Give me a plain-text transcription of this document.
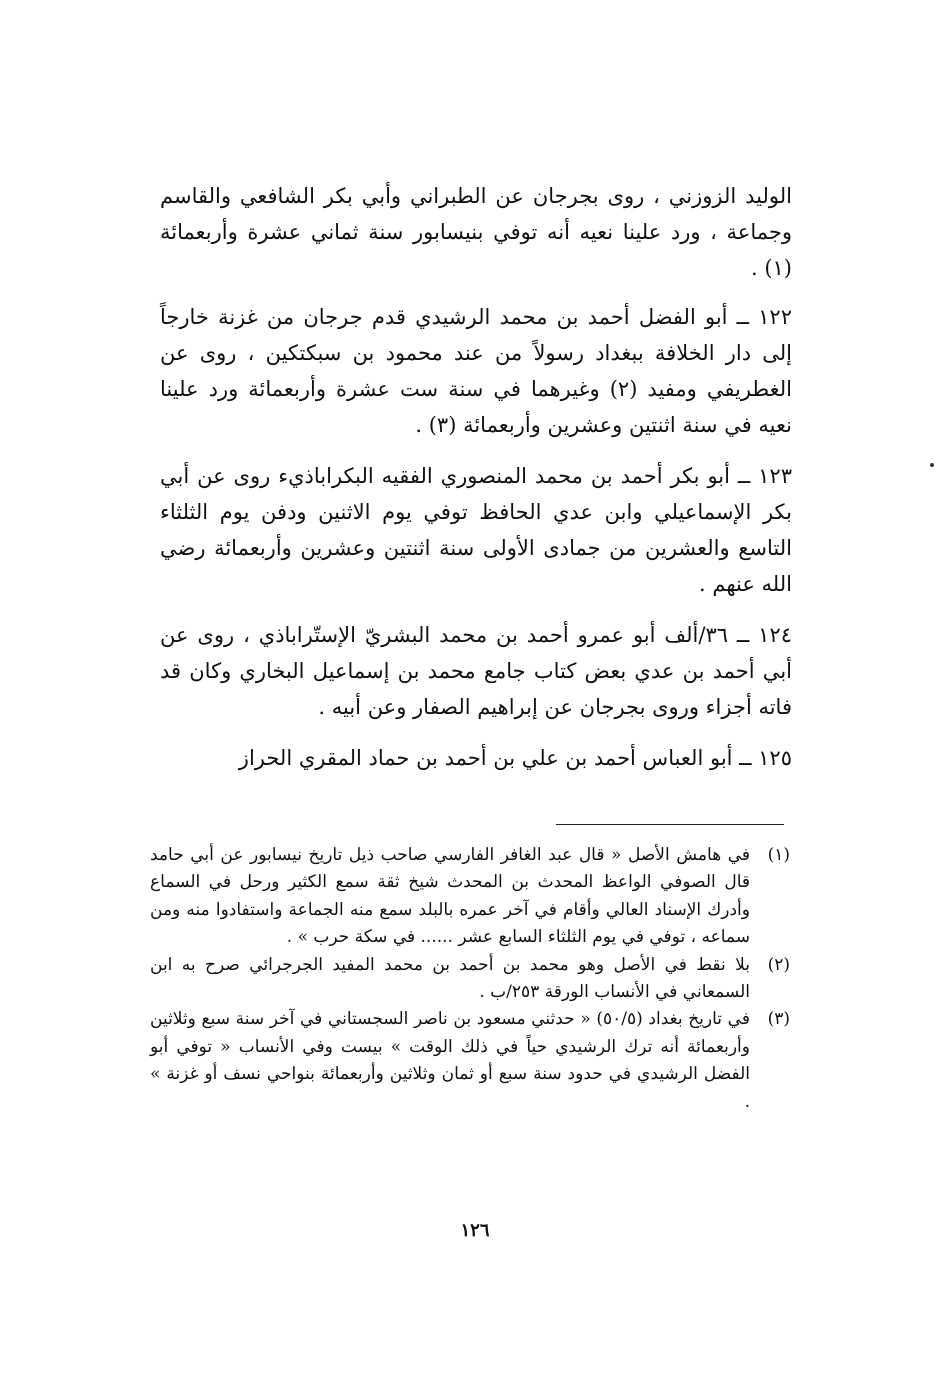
الوليد الزوزني ، روى بجرجان عن الطبراني وأبي بكر الشافعي والقاسم وجماعة ، ورد علينا نعيه أنه توفي بنيسابور سنة ثماني عشرة وأربعمائة (١) .

١٢٢ ــ أبو الفضل أحمد بن محمد الرشيدي قدم جرجان من غزنة خارجاً إلى دار الخلافة ببغداد رسولاً من عند محمود بن سبكتكين ، روى عن الغطريفي ومفيد (٢) وغيرهما في سنة ست عشرة وأربعمائة ورد علينا نعيه في سنة اثنتين وعشرين وأربعمائة (٣) .

١٢٣ ــ أبو بكر أحمد بن محمد المنصوري الفقيه البكراباذيء روى عن أبي بكر الإسماعيلي وابن عدي الحافظ توفي يوم الاثنين ودفن يوم الثلثاء التاسع والعشرين من جمادى الأولى سنة اثنتين وعشرين وأربعمائة رضي الله عنهم .

١٢٤ ــ ٣٦/ألف أبو عمرو أحمد بن محمد البشريّ الإستّراباذي ، روى عن أبي أحمد بن عدي بعض كتاب جامع محمد بن إسماعيل البخاري وكان قد فاته أجزاء وروى بجرجان عن إبراهيم الصفار وعن أبيه .

١٢٥ ــ أبو العباس أحمد بن علي بن أحمد بن حماد المقري الحراز

(١)
في هامش الأصل « قال عبد الغافر الفارسي صاحب ذيل تاريخ نيسابور عن أبي حامد قال الصوفي الواعظ المحدث بن المحدث شيخ ثقة سمع الكثير ورحل في السماع وأدرك الإسناد العالي وأقام في آخر عمره بالبلد سمع منه الجماعة واستفادوا منه ومن سماعه ، توفي في يوم الثلثاء السابع عشر ...... في سكة حرب » .
(٢)
بلا نقط في الأصل وهو محمد بن أحمد بن محمد المفيد الجرجرائي صرح به ابن السمعاني في الأنساب الورقة ٢٥٣/ب .
(٣)
في تاريخ بغداد (٥٠/٥) « حدثني مسعود بن ناصر السجستاني في آخر سنة سبع وثلاثين وأربعمائة أنه ترك الرشيدي حياً في ذلك الوقت » بيست وفي الأنساب « توفي أبو الفضل الرشيدي في حدود سنة سبع أو ثمان وثلاثين وأربعمائة بنواحي نسف أو غزنة » .
١٢٦
